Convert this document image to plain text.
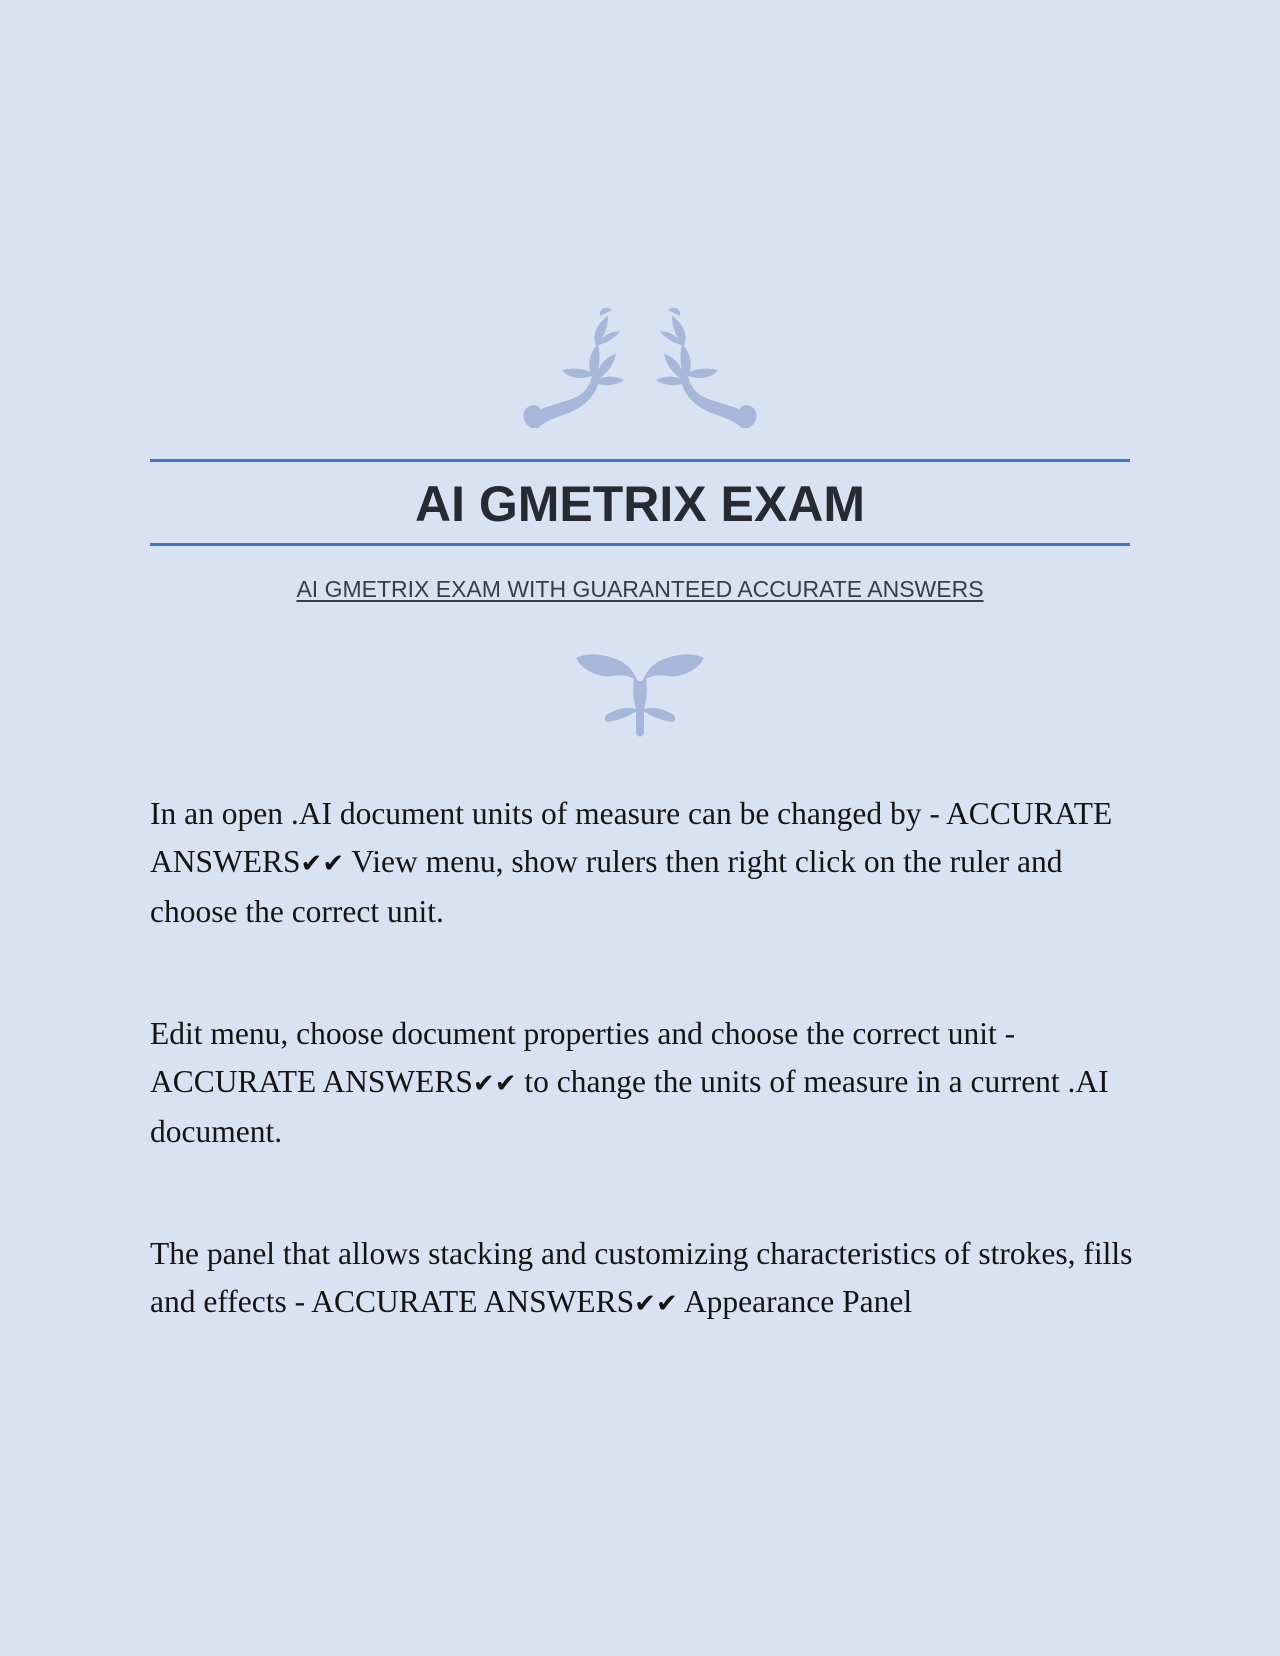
AI GMETRIX EXAM

AI GMETRIX EXAM WITH GUARANTEED ACCURATE ANSWERS

In an open .AI document units of measure can be changed by - ACCURATE ANSWERS✔✔ View menu, show rulers then right click on the ruler and choose the correct unit.

Edit menu, choose document properties and choose the correct unit - ACCURATE ANSWERS✔✔ to change the units of measure in a current .AI document.

The panel that allows stacking and customizing characteristics of strokes, fills and effects - ACCURATE ANSWERS✔✔ Appearance Panel
